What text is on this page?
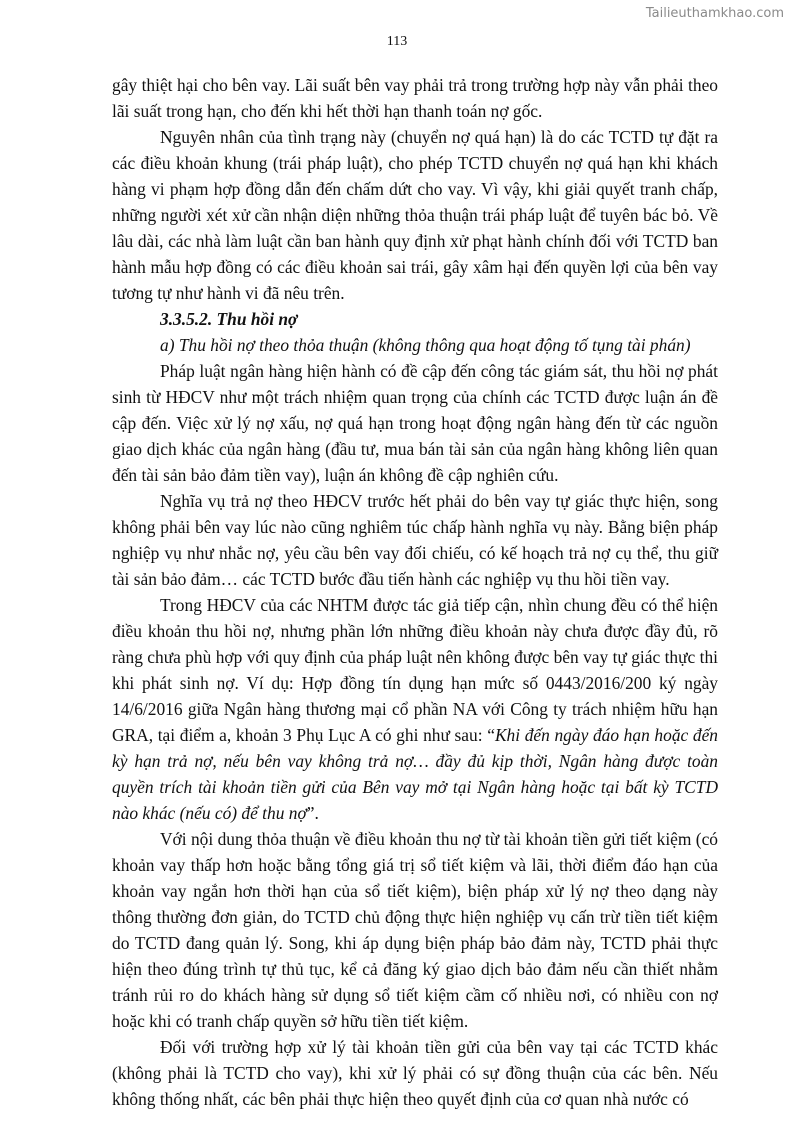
Tailieuthamkhao.com
113

gây thiệt hại cho bên vay. Lãi suất bên vay phải trả trong trường hợp này vẫn phải theo lãi suất trong hạn, cho đến khi hết thời hạn thanh toán nợ gốc.

Nguyên nhân của tình trạng này (chuyển nợ quá hạn) là do các TCTD tự đặt ra các điều khoản khung (trái pháp luật), cho phép TCTD chuyển nợ quá hạn khi khách hàng vi phạm hợp đồng dẫn đến chấm dứt cho vay. Vì vậy, khi giải quyết tranh chấp, những người xét xử cần nhận diện những thỏa thuận trái pháp luật để tuyên bác bỏ. Về lâu dài, các nhà làm luật cần ban hành quy định xử phạt hành chính đối với TCTD ban hành mẫu hợp đồng có các điều khoản sai trái, gây xâm hại đến quyền lợi của bên vay tương tự như hành vi đã nêu trên.

3.3.5.2. Thu hồi nợ

a) Thu hồi nợ theo thỏa thuận (không thông qua hoạt động tố tụng tài phán)

Pháp luật ngân hàng hiện hành có đề cập đến công tác giám sát, thu hồi nợ phát sinh từ HĐCV như một trách nhiệm quan trọng của chính các TCTD được luận án đề cập đến. Việc xử lý nợ xấu, nợ quá hạn trong hoạt động ngân hàng đến từ các nguồn giao dịch khác của ngân hàng (đầu tư, mua bán tài sản của ngân hàng không liên quan đến tài sản bảo đảm tiền vay), luận án không đề cập nghiên cứu.

Nghĩa vụ trả nợ theo HĐCV trước hết phải do bên vay tự giác thực hiện, song không phải bên vay lúc nào cũng nghiêm túc chấp hành nghĩa vụ này. Bằng biện pháp nghiệp vụ như nhắc nợ, yêu cầu bên vay đối chiếu, có kế hoạch trả nợ cụ thể, thu giữ tài sản bảo đảm… các TCTD bước đầu tiến hành các nghiệp vụ thu hồi tiền vay.

Trong HĐCV của các NHTM được tác giả tiếp cận, nhìn chung đều có thể hiện điều khoản thu hồi nợ, nhưng phần lớn những điều khoản này chưa được đầy đủ, rõ ràng chưa phù hợp với quy định của pháp luật nên không được bên vay tự giác thực thi khi phát sinh nợ. Ví dụ: Hợp đồng tín dụng hạn mức số 0443/2016/200 ký ngày 14/6/2016 giữa Ngân hàng thương mại cổ phần NA với Công ty trách nhiệm hữu hạn GRA, tại điểm a, khoản 3 Phụ Lục A có ghi như sau: “Khi đến ngày đáo hạn hoặc đến kỳ hạn trả nợ, nếu bên vay không trả nợ… đầy đủ kịp thời, Ngân hàng được toàn quyền trích tài khoản tiền gửi của Bên vay mở tại Ngân hàng hoặc tại bất kỳ TCTD nào khác (nếu có) để thu nợ”.

Với nội dung thỏa thuận về điều khoản thu nợ từ tài khoản tiền gửi tiết kiệm (có khoản vay thấp hơn hoặc bằng tổng giá trị sổ tiết kiệm và lãi, thời điểm đáo hạn của khoản vay ngắn hơn thời hạn của sổ tiết kiệm), biện pháp xử lý nợ theo dạng này thông thường đơn giản, do TCTD chủ động thực hiện nghiệp vụ cấn trừ tiền tiết kiệm do TCTD đang quản lý. Song, khi áp dụng biện pháp bảo đảm này, TCTD phải thực hiện theo đúng trình tự thủ tục, kể cả đăng ký giao dịch bảo đảm nếu cần thiết nhằm tránh rủi ro do khách hàng sử dụng sổ tiết kiệm cầm cố nhiều nơi, có nhiều con nợ hoặc khi có tranh chấp quyền sở hữu tiền tiết kiệm.

Đối với trường hợp xử lý tài khoản tiền gửi của bên vay tại các TCTD khác (không phải là TCTD cho vay), khi xử lý phải có sự đồng thuận của các bên. Nếu không thống nhất, các bên phải thực hiện theo quyết định của cơ quan nhà nước có
